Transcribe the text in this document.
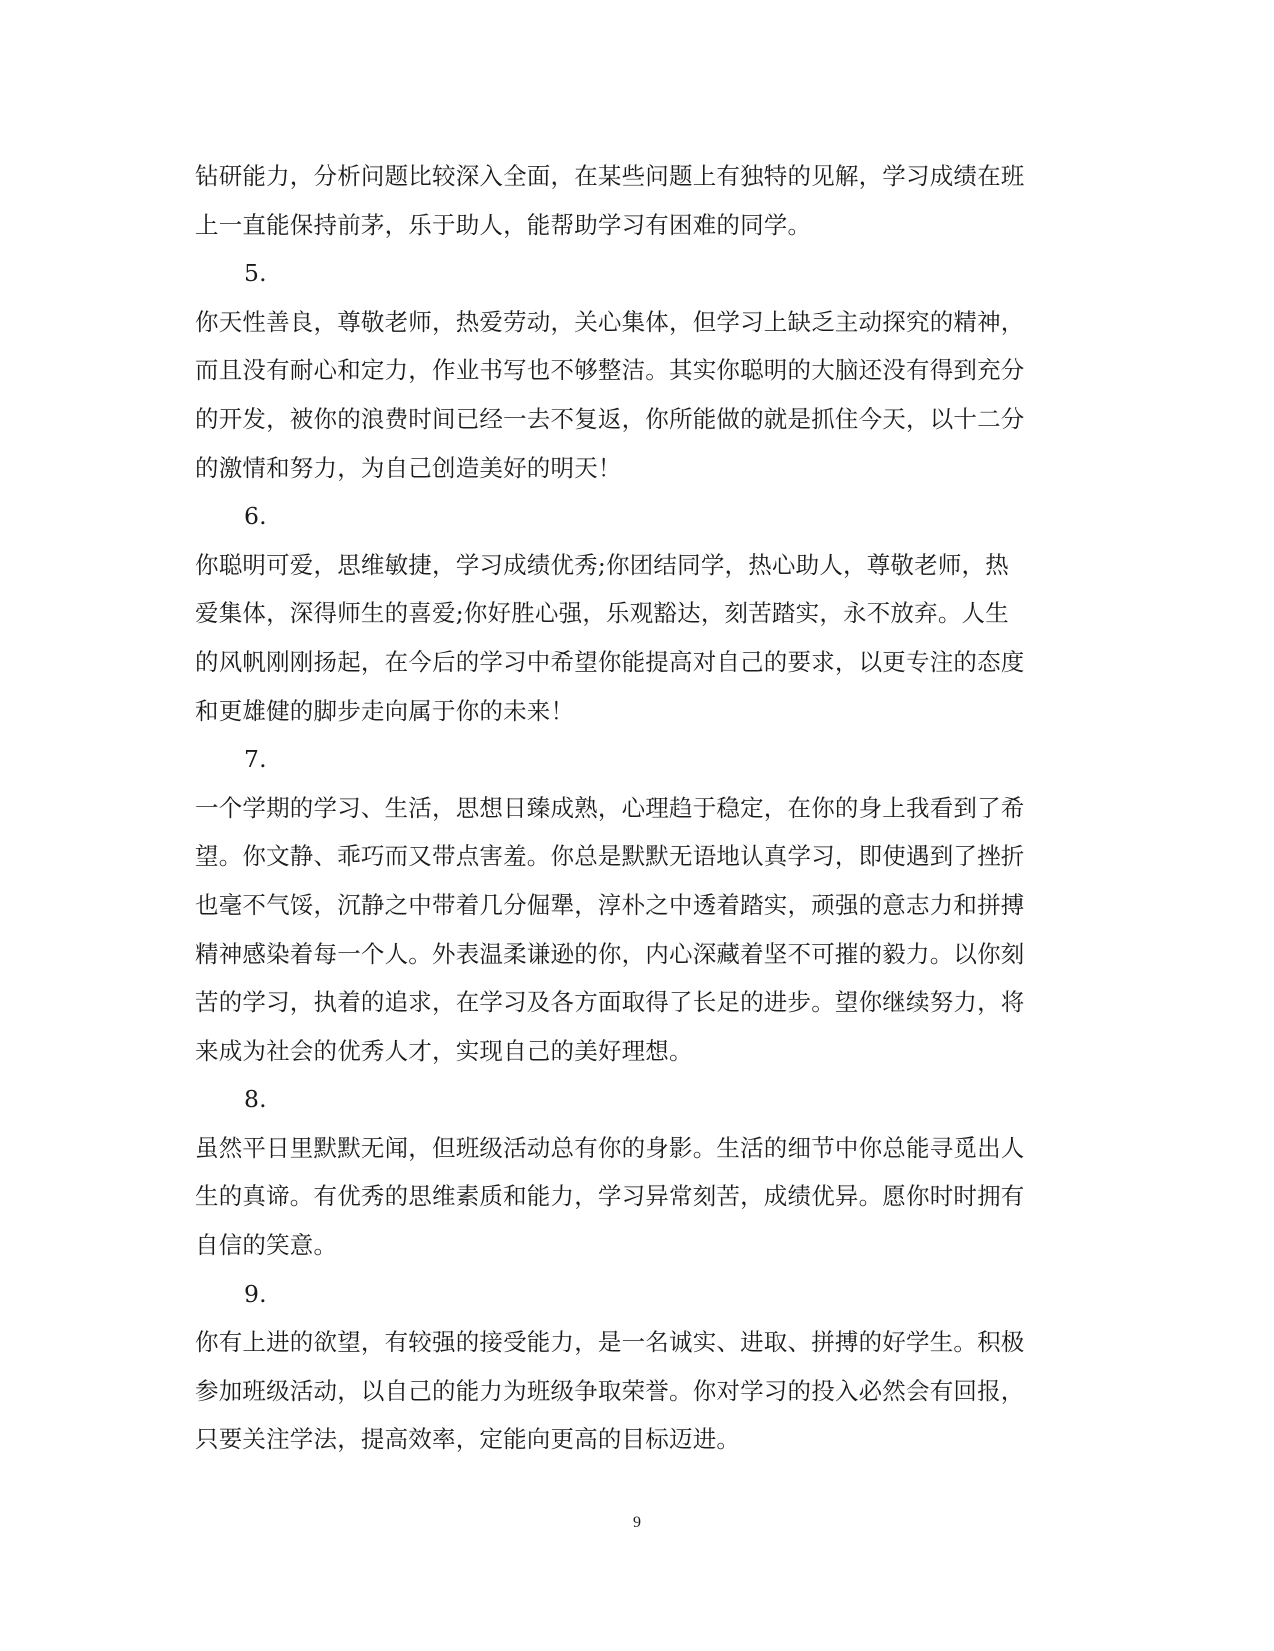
钻研能力，分析问题比较深入全面，在某些问题上有独特的见解，学习成绩在班
上一直能保持前茅，乐于助人，能帮助学习有困难的同学。
5.
你天性善良，尊敬老师，热爱劳动，关心集体，但学习上缺乏主动探究的精神，
而且没有耐心和定力，作业书写也不够整洁。其实你聪明的大脑还没有得到充分
的开发，被你的浪费时间已经一去不复返，你所能做的就是抓住今天，以十二分
的激情和努力，为自己创造美好的明天！
6.
你聪明可爱，思维敏捷，学习成绩优秀;你团结同学，热心助人，尊敬老师，热
爱集体，深得师生的喜爱;你好胜心强，乐观豁达，刻苦踏实，永不放弃。人生
的风帆刚刚扬起，在今后的学习中希望你能提高对自己的要求，以更专注的态度
和更雄健的脚步走向属于你的未来！
7.
一个学期的学习、生活，思想日臻成熟，心理趋于稳定，在你的身上我看到了希
望。你文静、乖巧而又带点害羞。你总是默默无语地认真学习，即使遇到了挫折
也毫不气馁，沉静之中带着几分倔犟，淳朴之中透着踏实，顽强的意志力和拼搏
精神感染着每一个人。外表温柔谦逊的你，内心深藏着坚不可摧的毅力。以你刻
苦的学习，执着的追求，在学习及各方面取得了长足的进步。望你继续努力，将
来成为社会的优秀人才，实现自己的美好理想。
8.
虽然平日里默默无闻，但班级活动总有你的身影。生活的细节中你总能寻觅出人
生的真谛。有优秀的思维素质和能力，学习异常刻苦，成绩优异。愿你时时拥有
自信的笑意。
9.
你有上进的欲望，有较强的接受能力，是一名诚实、进取、拼搏的好学生。积极
参加班级活动，以自己的能力为班级争取荣誉。你对学习的投入必然会有回报，
只要关注学法，提高效率，定能向更高的目标迈进。
9
